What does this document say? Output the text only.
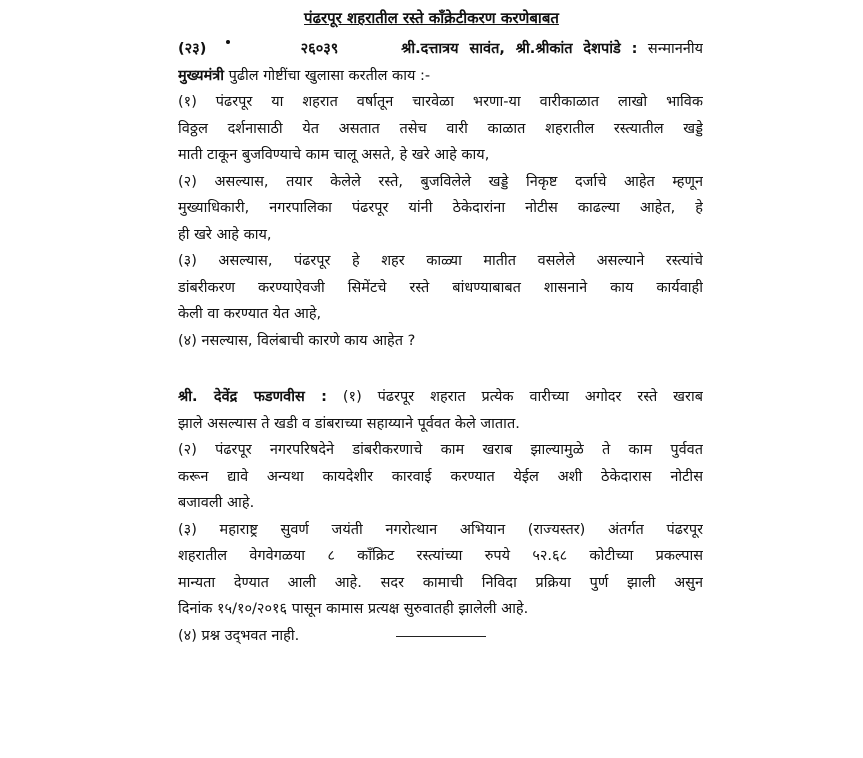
पंढरपूर शहरातील रस्ते काँक्रेटीकरण करणेबाबत
(२३)	२६०३९	श्री.दत्तात्रय सावंत, श्री.श्रीकांत देशपांडे : सन्माननीय
मुख्यमंत्री पुढील गोष्टींचा खुलासा करतील काय :-
(१) पंढरपूर या शहरात वर्षातून चारवेळा भरणा-या वारीकाळात लाखो भाविक
विठ्ठल दर्शनासाठी येत असतात तसेच वारी काळात शहरातील रस्त्यातील खड्डे
माती टाकून बुजविण्याचे काम चालू असते, हे खरे आहे काय,
(२) असल्यास, तयार केलेले रस्ते, बुजविलेले खड्डे निकृष्ट दर्जाचे आहेत म्हणून
मुख्याधिकारी, नगरपालिका पंढरपूर यांनी ठेकेदारांना नोटीस काढल्या आहेत, हे
ही खरे आहे काय,
(३) असल्यास, पंढरपूर हे शहर काळ्या मातीत वसलेले असल्याने रस्त्यांचे
डांबरीकरण करण्याऐवजी सिमेंटचे रस्ते बांधण्याबाबत शासनाने काय कार्यवाही
केली वा करण्यात येत आहे,
(४) नसल्यास, विलंबाची कारणे काय आहेत ?
श्री. देवेंद्र फडणवीस : (१) पंढरपूर शहरात प्रत्येक वारीच्या अगोदर रस्ते खराब
झाले असल्यास ते खडी व डांबराच्या सहाय्याने पूर्ववत केले जातात.
(२) पंढरपूर नगरपरिषदेने डांबरीकरणाचे काम खराब झाल्यामुळे ते काम पुर्ववत
करून द्यावे अन्यथा कायदेशीर कारवाई करण्यात येईल अशी ठेकेदारास नोटीस
बजावली आहे.
(३) महाराष्ट्र सुवर्ण जयंती नगरोत्थान अभियान (राज्यस्तर) अंतर्गत पंढरपूर
शहरातील वेगवेगळया ८ कॉंक्रिट रस्त्यांच्या रुपये ५२.६८ कोटीच्या प्रकल्पास
मान्यता देण्यात आली आहे. सदर कामाची निविदा प्रक्रिया पुर्ण झाली असुन
दिनांक १५/१०/२०१६ पासून कामास प्रत्यक्ष सुरुवातही झालेली आहे.
(४) प्रश्न उद्‌भवत नाही.
